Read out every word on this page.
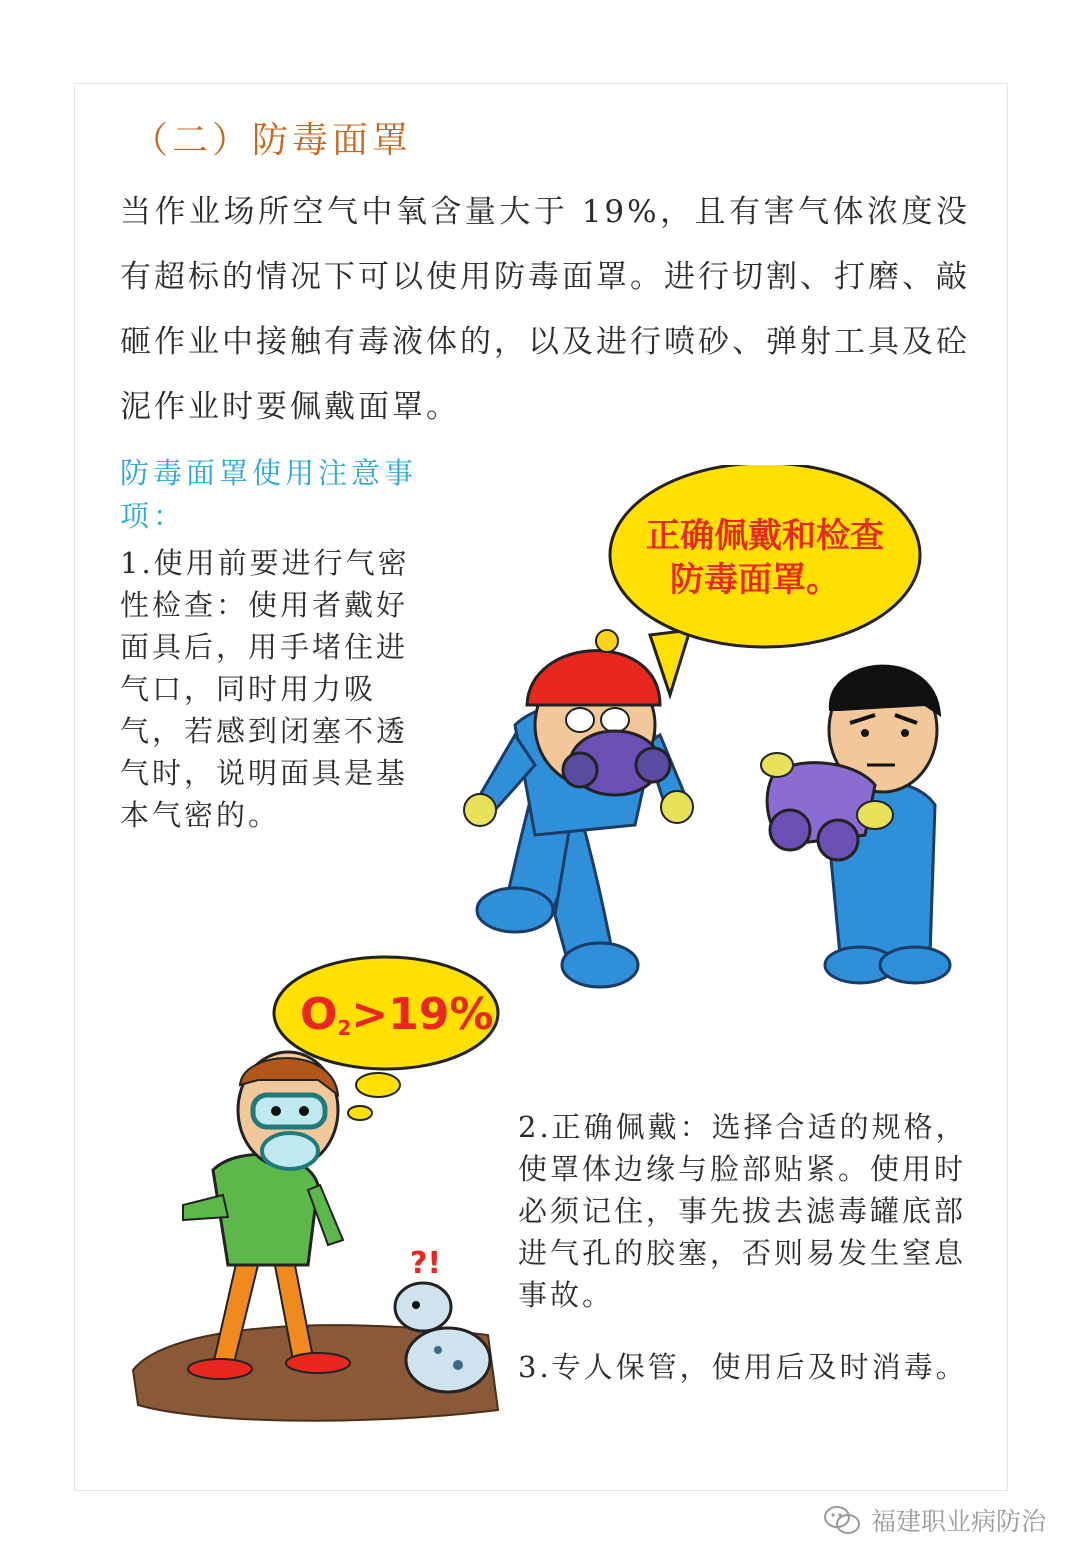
（二）防毒面罩

当作业场所空气中氧含量大于 19%，且有害气体浓度没有超标的情况下可以使用防毒面罩。进行切割、打磨、敲砸作业中接触有毒液体的，以及进行喷砂、弹射工具及砼泥作业时要佩戴面罩。

防毒面罩使用注意事项：

1.使用前要进行气密性检查：使用者戴好面具后，用手堵住进气口，同时用力吸气，若感到闭塞不透气时，说明面具是基本气密的。

2.正确佩戴：选择合适的规格，使罩体边缘与脸部贴紧。使用时必须记住，事先拔去滤毒罐底部进气孔的胶塞，否则易发生窒息事故。

3.专人保管，使用后及时消毒。

正确佩戴和检查
防毒面罩。
O2>19%
?!
福建职业病防治
